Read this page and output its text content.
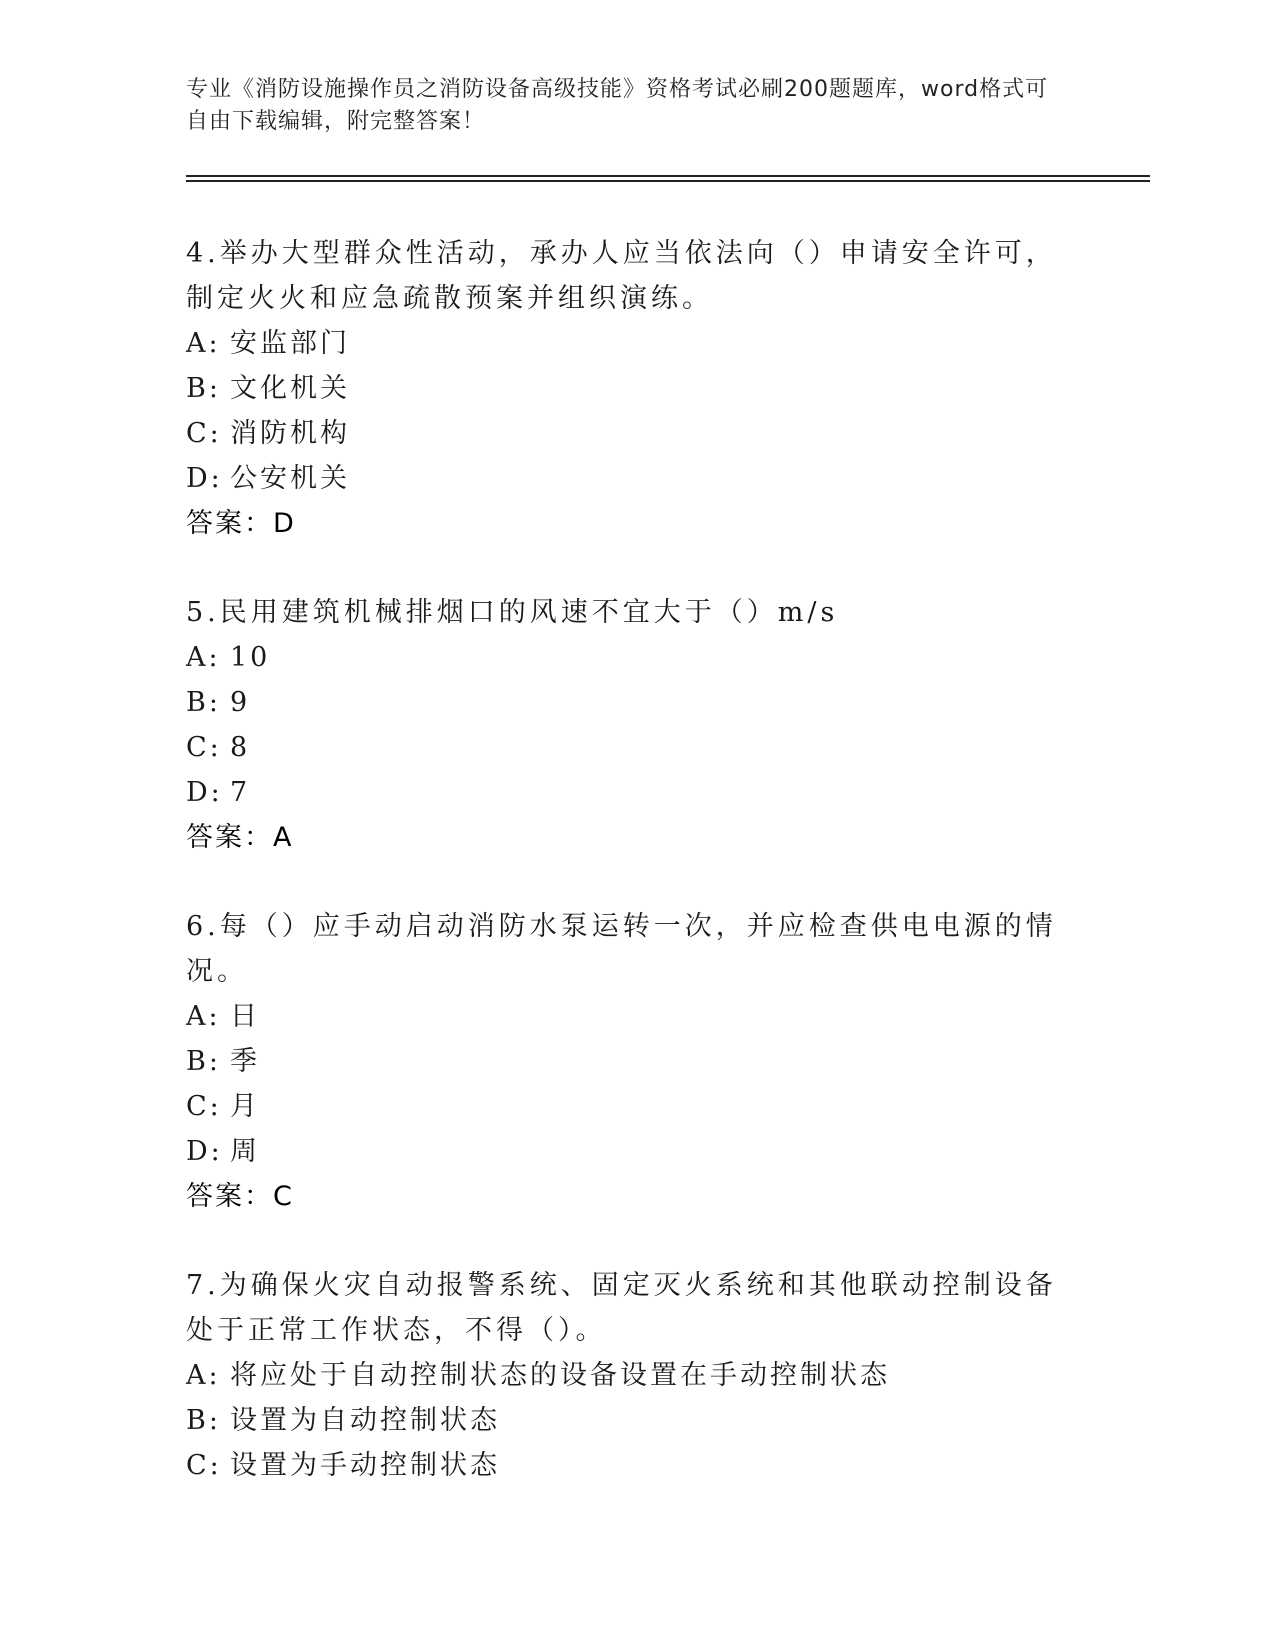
专业《消防设施操作员之消防设备高级技能》资格考试必刷200题题库，word格式可自由下载编辑，附完整答案！

4.举办大型群众性活动，承办人应当依法向（）申请安全许可，制定火火和应急疏散预案并组织演练。

A: 安监部门
B: 文化机关
C: 消防机构
D: 公安机关
答案：D

5.民用建筑机械排烟口的风速不宜大于（）m/s

A: 10
B: 9
C: 8
D: 7
答案：A

6.每（）应手动启动消防水泵运转一次，并应检查供电电源的情况。

A: 日
B: 季
C: 月
D: 周
答案：C

7.为确保火灾自动报警系统、固定灭火系统和其他联动控制设备处于正常工作状态，不得（）。

A: 将应处于自动控制状态的设备设置在手动控制状态
B: 设置为自动控制状态
C: 设置为手动控制状态
